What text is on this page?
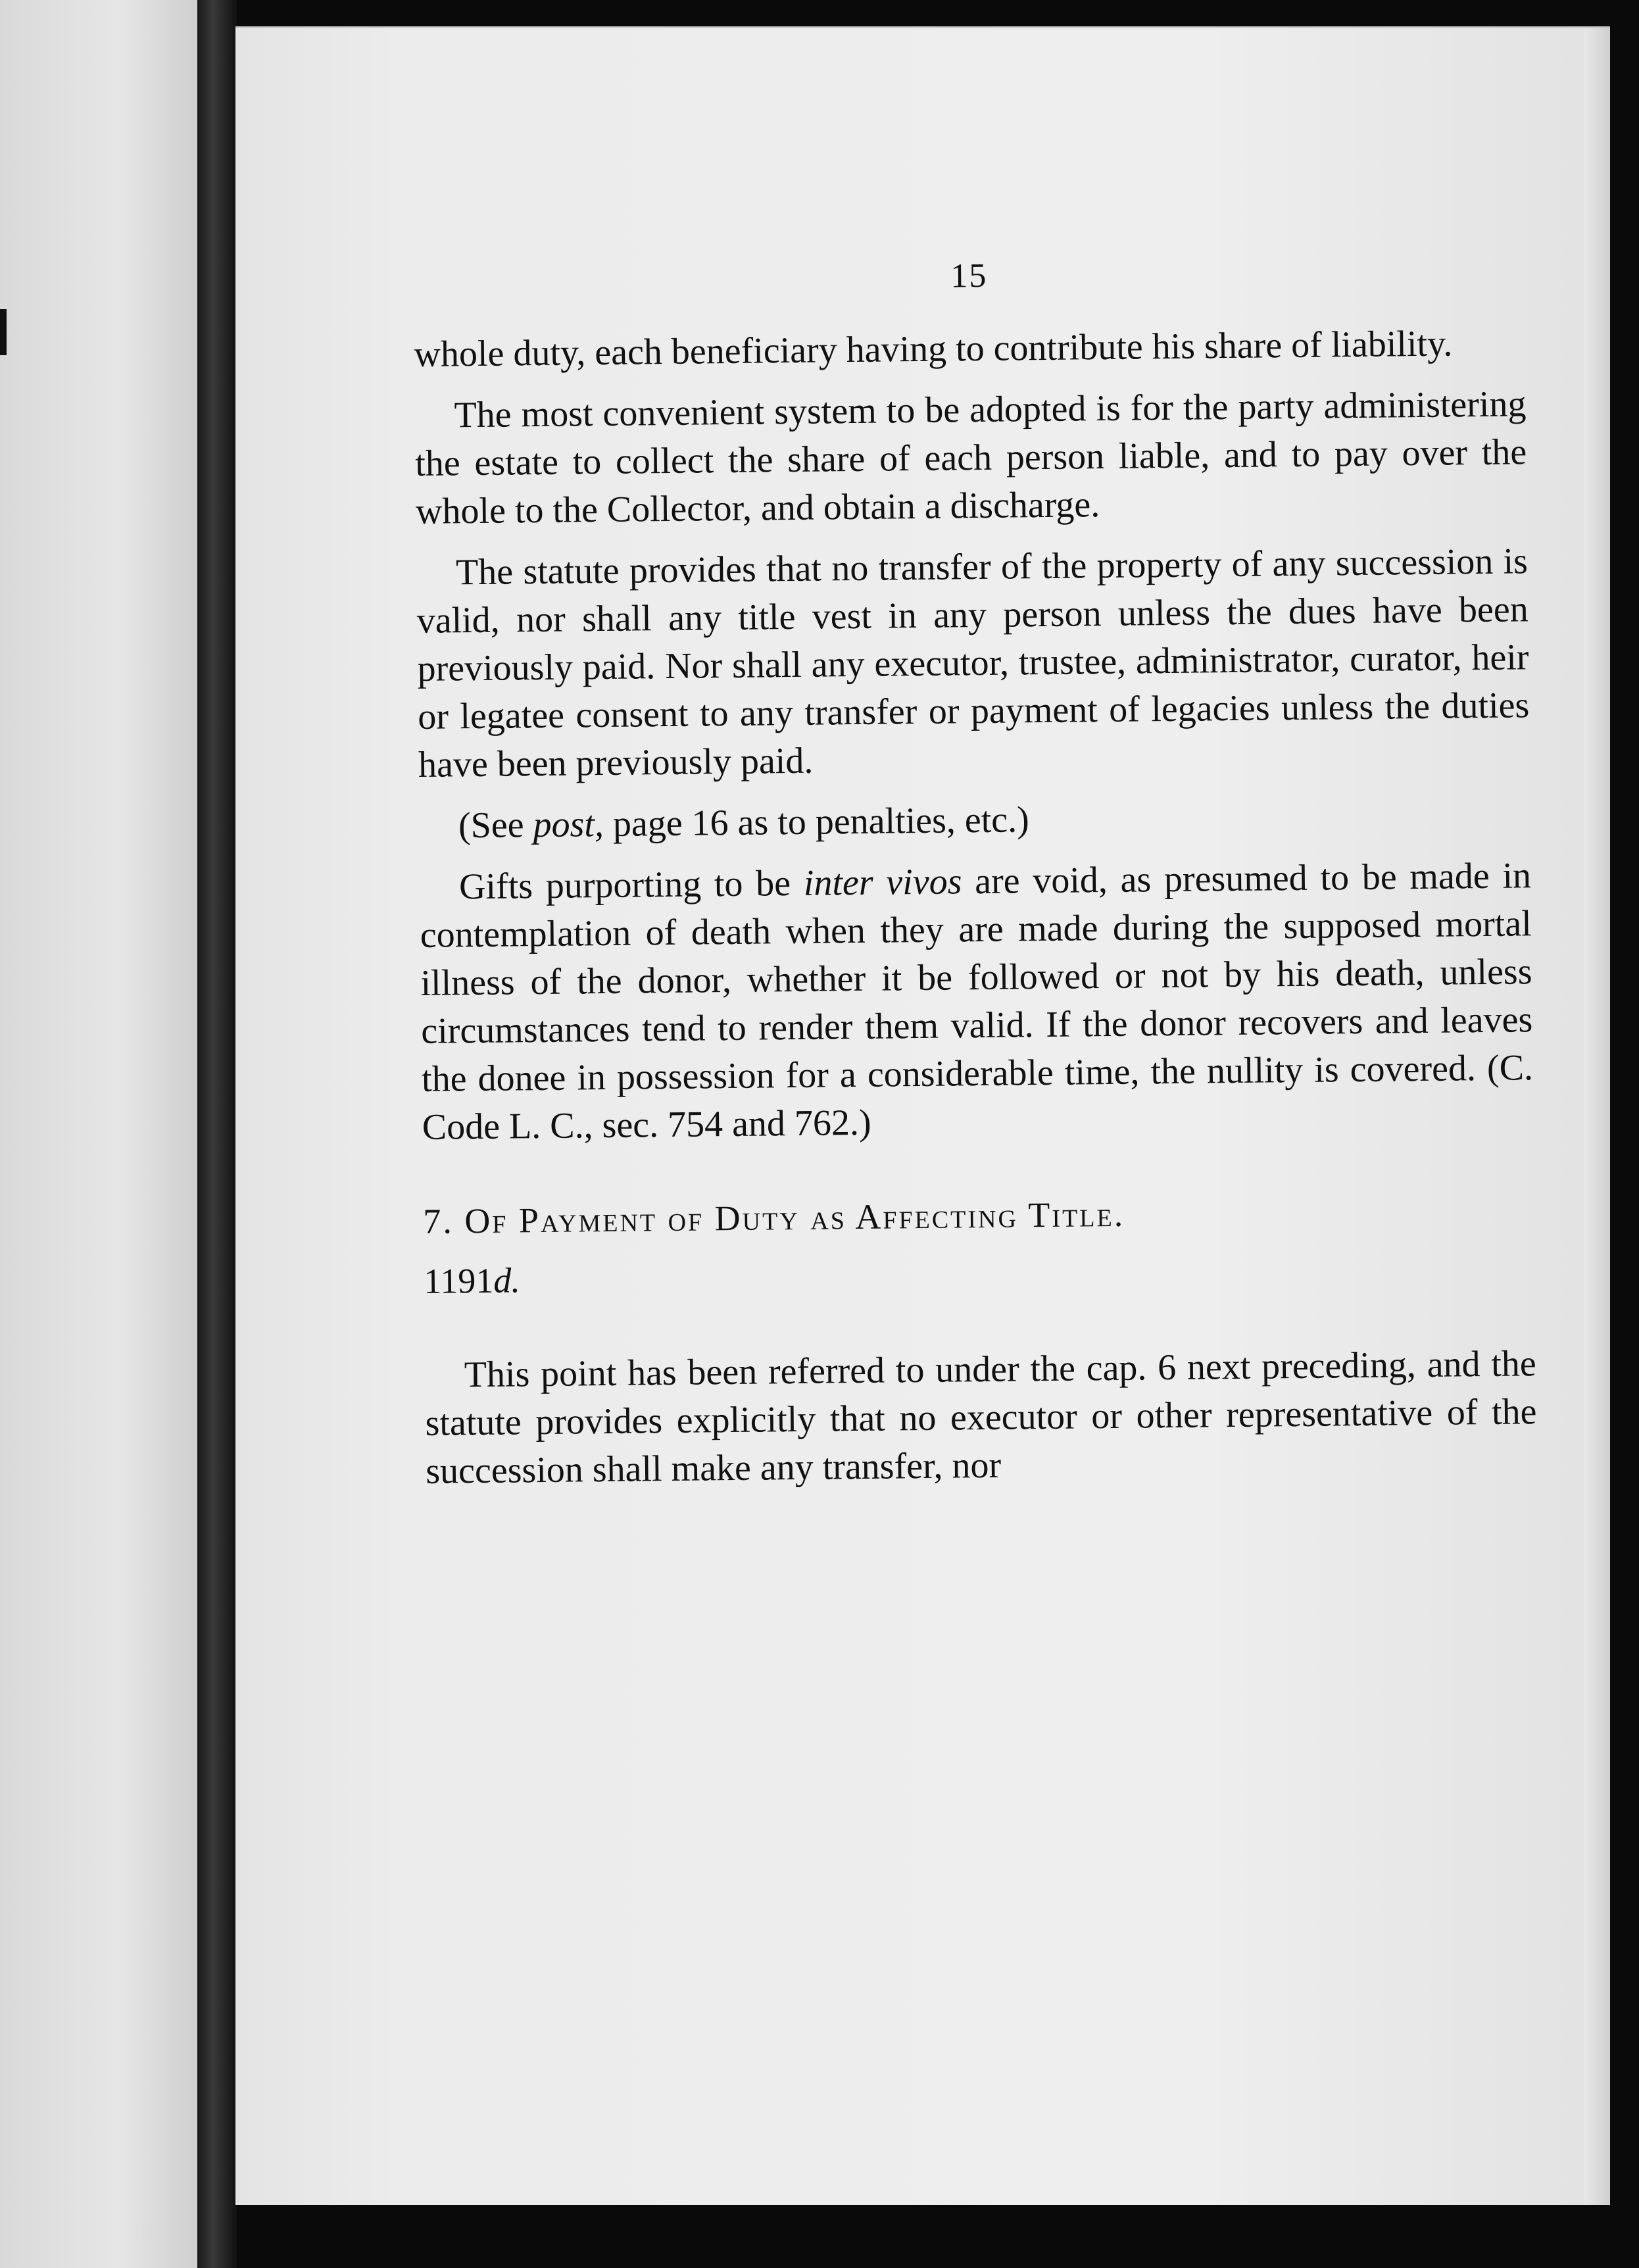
15

whole duty, each beneficiary having to contribute his share of liability.

The most convenient system to be adopted is for the party administering the estate to collect the share of each person liable, and to pay over the whole to the Collector, and obtain a discharge.

The statute provides that no transfer of the property of any succession is valid, nor shall any title vest in any person unless the dues have been previously paid. Nor shall any executor, trustee, administrator, curator, heir or legatee consent to any transfer or payment of legacies unless the duties have been previously paid.

(See post, page 16 as to penalties, etc.)

Gifts purporting to be inter vivos are void, as presumed to be made in contemplation of death when they are made during the supposed mortal illness of the donor, whether it be followed or not by his death, unless circumstances tend to render them valid. If the donor recovers and leaves the donee in possession for a considerable time, the nullity is covered. (C. Code L. C., sec. 754 and 762.)

7. Of Payment of Duty as Affecting Title.
1191d.

This point has been referred to under the cap. 6 next preceding, and the statute provides explicitly that no executor or other representative of the succession shall make any transfer, nor
